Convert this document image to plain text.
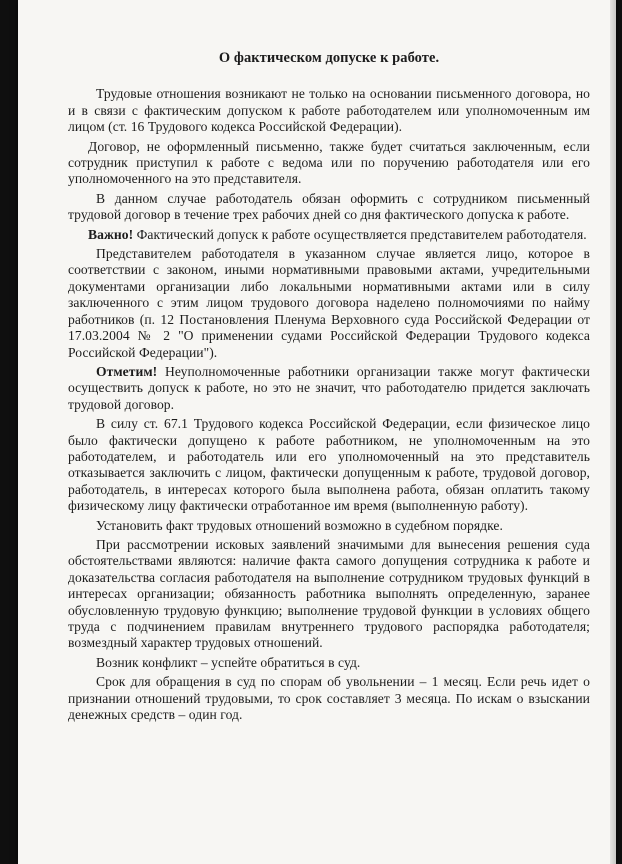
О фактическом допуске к работе.

Трудовые отношения возникают не только на основании письменного договора, но и в связи с фактическим допуском к работе работодателем или уполномоченным им лицом (ст. 16 Трудового кодекса Российской Федерации).

Договор, не оформленный письменно, также будет считаться заключенным, если сотрудник приступил к работе с ведома или по поручению работодателя или его уполномоченного на это представителя.

В данном случае работодатель обязан оформить с сотрудником письменный трудовой договор в течение трех рабочих дней со дня фактического допуска к работе.

Важно! Фактический допуск к работе осуществляется представителем работодателя.

Представителем работодателя в указанном случае является лицо, которое в соответствии с законом, иными нормативными правовыми актами, учредительными документами организации либо локальными нормативными актами или в силу заключенного с этим лицом трудового договора наделено полномочиями по найму работников (п. 12 Постановления Пленума Верховного суда Российской Федерации от 17.03.2004 № 2 "О применении судами Российской Федерации Трудового кодекса Российской Федерации").

Отметим! Неуполномоченные работники организации также могут фактически осуществить допуск к работе, но это не значит, что работодателю придется заключать трудовой договор.

В силу ст. 67.1 Трудового кодекса Российской Федерации, если физическое лицо было фактически допущено к работе работником, не уполномоченным на это работодателем, и работодатель или его уполномоченный на это представитель отказывается заключить с лицом, фактически допущенным к работе, трудовой договор, работодатель, в интересах которого была выполнена работа, обязан оплатить такому физическому лицу фактически отработанное им время (выполненную работу).

Установить факт трудовых отношений возможно в судебном порядке.

При рассмотрении исковых заявлений значимыми для вынесения решения суда обстоятельствами являются: наличие факта самого допущения сотрудника к работе и доказательства согласия работодателя на выполнение сотрудником трудовых функций в интересах организации; обязанность работника выполнять определенную, заранее обусловленную трудовую функцию; выполнение трудовой функции в условиях общего труда с подчинением правилам внутреннего трудового распорядка работодателя; возмездный характер трудовых отношений.

Возник конфликт – успейте обратиться в суд.

Срок для обращения в суд по спорам об увольнении – 1 месяц. Если речь идет о признании отношений трудовыми, то срок составляет 3 месяца. По искам о взыскании денежных средств – один год.
